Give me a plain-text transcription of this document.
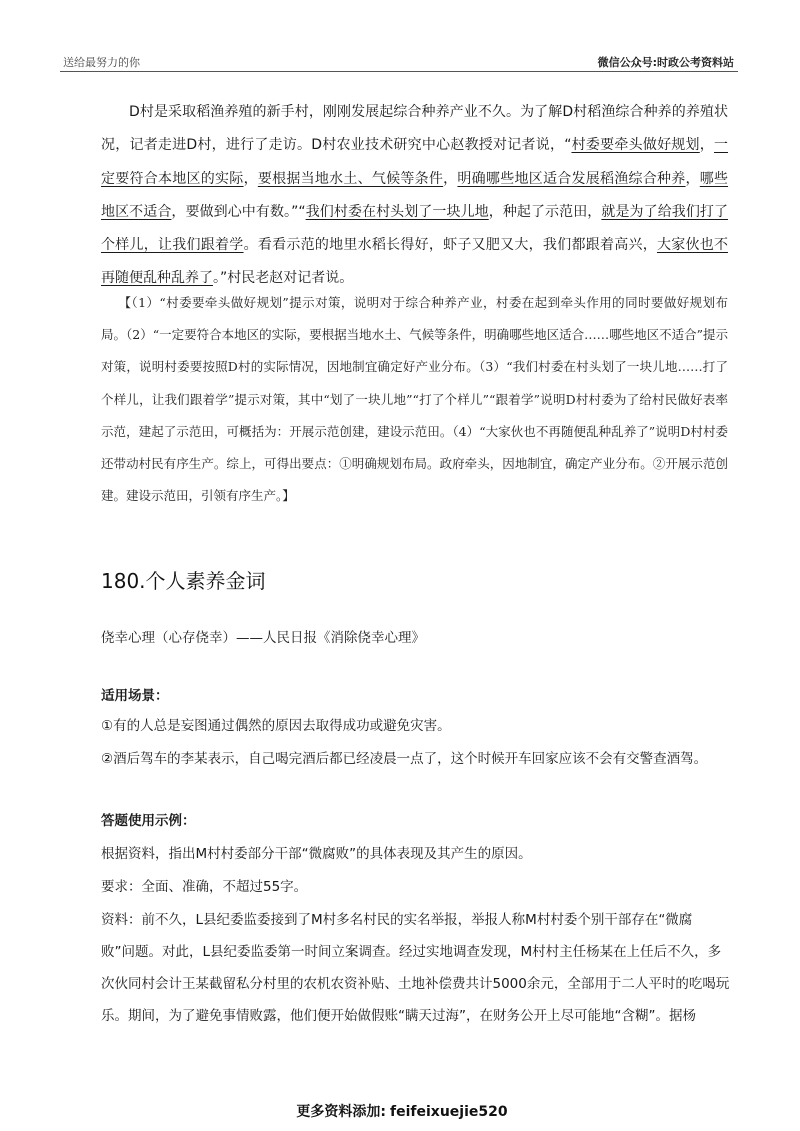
送给最努力的你	微信公众号:时政公考资料站
D村是采取稻渔养殖的新手村，刚刚发展起综合种养产业不久。为了解D村稻渔综合种养的养殖状况，记者走进D村，进行了走访。D村农业技术研究中心赵教授对记者说，“村委要牵头做好规划，一定要符合本地区的实际，要根据当地水土、气候等条件，明确哪些地区适合发展稻渔综合种养，哪些地区不适合，要做到心中有数。”“我们村委在村头划了一块儿地，种起了示范田，就是为了给我们打了个样儿，让我们跟着学。看看示范的地里水稻长得好，虾子又肥又大，我们都跟着高兴，大家伙也不再随便乱种乱养了。”村民老赵对记者说。
【（1）“村委要牵头做好规划”提示对策，说明对于综合种养产业，村委在起到牵头作用的同时要做好规划布局。（2）“一定要符合本地区的实际，要根据当地水土、气候等条件，明确哪些地区适合……哪些地区不适合”提示对策，说明村委要按照D村的实际情况，因地制宜确定好产业分布。（3）“我们村委在村头划了一块儿地……打了个样儿，让我们跟着学”提示对策，其中“划了一块儿地”“打了个样儿”“跟着学”说明D村村委为了给村民做好表率示范，建起了示范田，可概括为：开展示范创建，建设示范田。（4）“大家伙也不再随便乱种乱养了”说明D村村委还带动村民有序生产。综上，可得出要点：①明确规划布局。政府牵头，因地制宜，确定产业分布。②开展示范创建。建设示范田，引领有序生产。】
180.个人素养金词
侥幸心理（心存侥幸）——人民日报《消除侥幸心理》
适用场景：
①有的人总是妄图通过偶然的原因去取得成功或避免灾害。
②酒后驾车的李某表示，自己喝完酒后都已经凌晨一点了，这个时候开车回家应该不会有交警查酒驾。
答题使用示例：
根据资料，指出M村村委部分干部“微腐败”的具体表现及其产生的原因。
要求：全面、准确，不超过55字。
资料：前不久，L县纪委监委接到了M村多名村民的实名举报，举报人称M村村委个别干部存在“微腐
败”问题。对此，L县纪委监委第一时间立案调查。经过实地调查发现，M村村主任杨某在上任后不久，多
次伙同村会计王某截留私分村里的农机农资补贴、土地补偿费共计5000余元，全部用于二人平时的吃喝玩
乐。期间，为了避免事情败露，他们便开始做假账“瞒天过海”，在财务公开上尽可能地“含糊”。据杨
更多资料添加: feifeixuejie520
